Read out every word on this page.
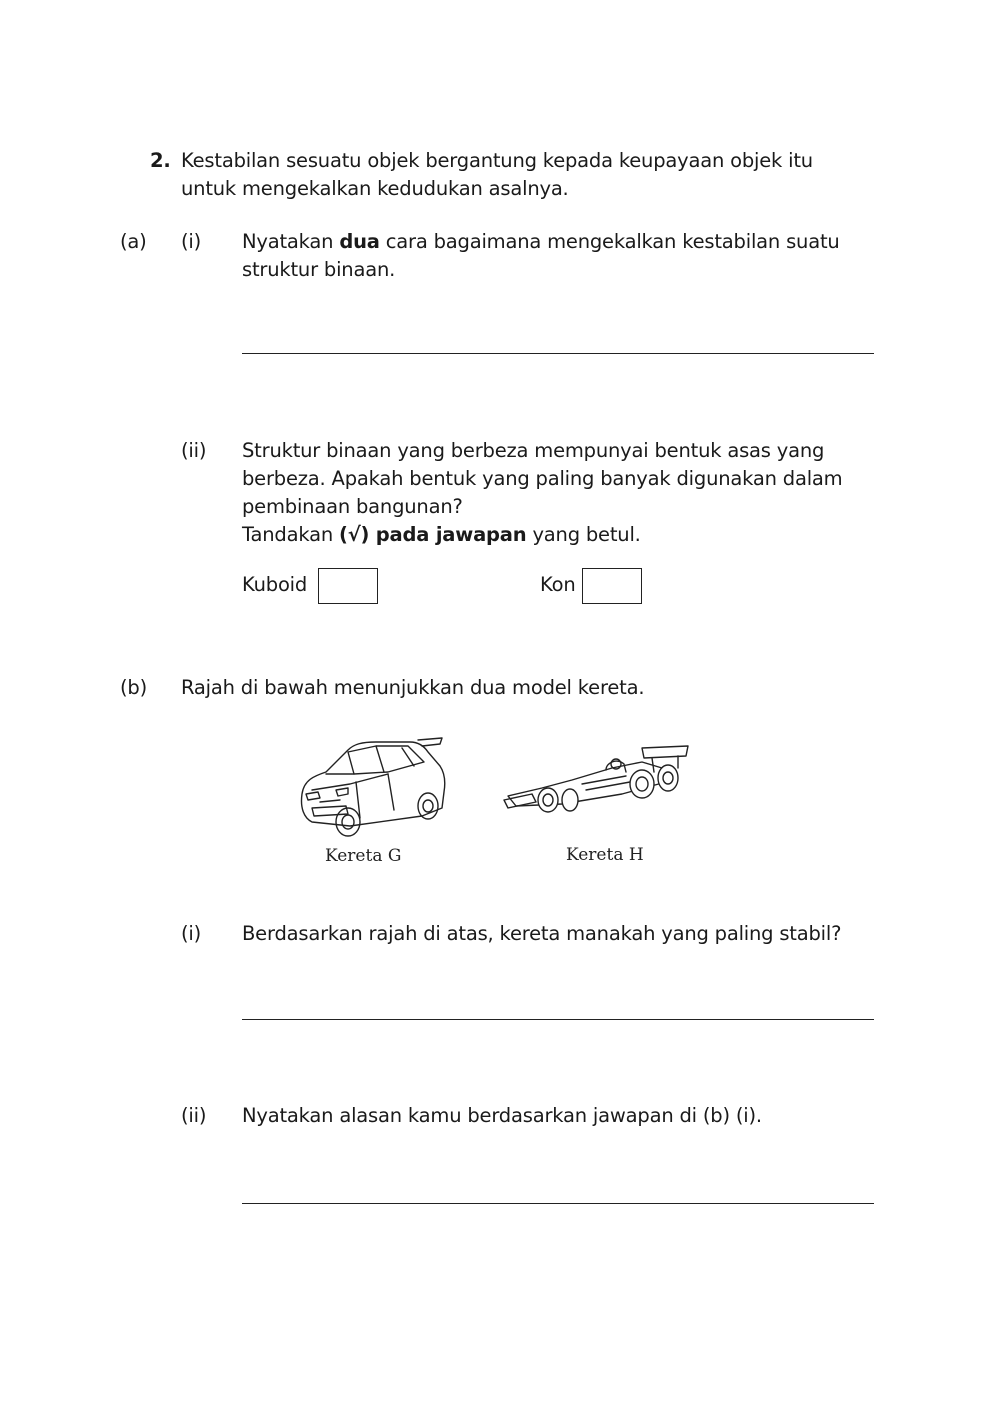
2. Kestabilan sesuatu objek bergantung kepada keupayaan objek itu
untuk mengekalkan kedudukan asalnya.
(a) (i) Nyatakan dua cara bagaimana mengekalkan kestabilan suatu
struktur binaan.
(ii) Struktur binaan yang berbeza mempunyai bentuk asas yang
berbeza. Apakah bentuk yang paling banyak digunakan dalam
pembinaan bangunan?
Tandakan (√) pada jawapan yang betul.
Kuboid	Kon
(b) Rajah di bawah menunjukkan dua model kereta.
Kereta G	Kereta H
(i) Berdasarkan rajah di atas, kereta manakah yang paling stabil?
(ii) Nyatakan alasan kamu berdasarkan jawapan di (b) (i).
